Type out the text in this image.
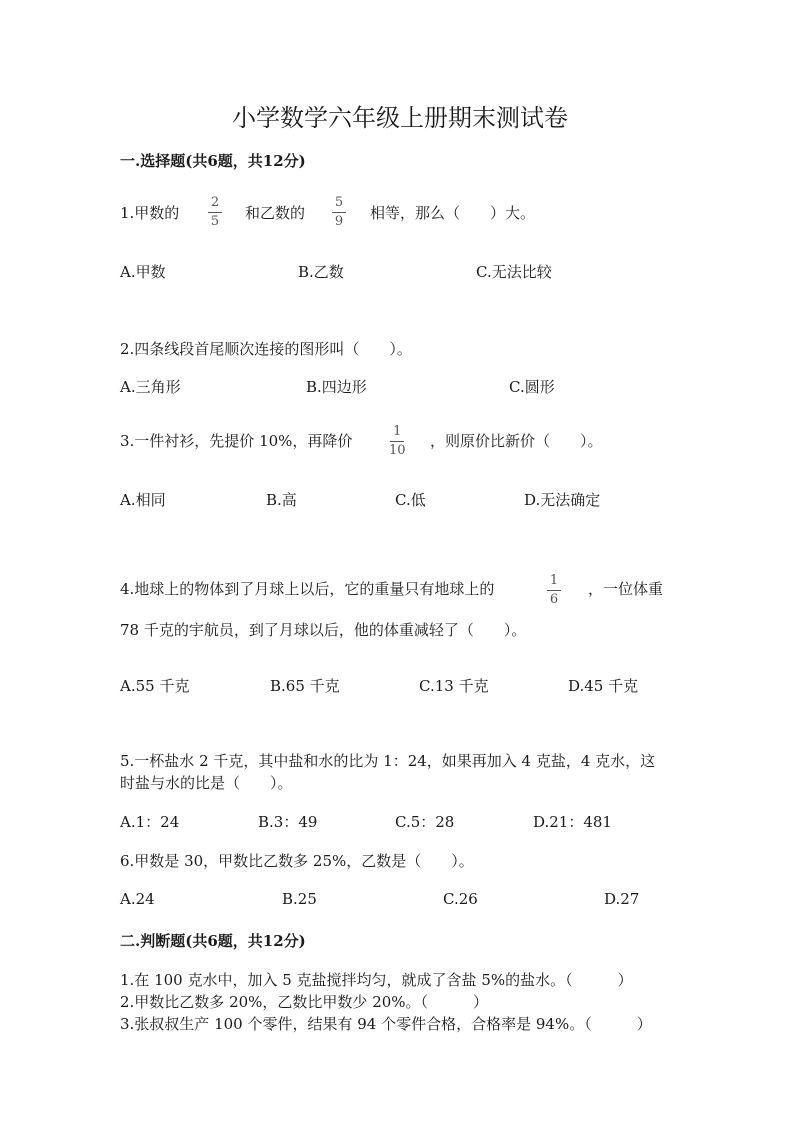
小学数学六年级上册期末测试卷
一.选择题(共6题，共12分)
1.甲数的
2
5 和乙数的
5
9 相等，那么（　　）大。
A.甲数	B.乙数	C.无法比较
2.四条线段首尾顺次连接的图形叫（　　）。
A.三角形	B.四边形	C.圆形
3.一件衬衫，先提价 10%，再降价
1
10
，则原价比新价（　　）。
A.相同	B.高	C.低	D.无法确定
4.地球上的物体到了月球上以后，它的重量只有地球上的	1
6
，一位体重
78 千克的宇航员，到了月球以后，他的体重减轻了（　　）。
A.55 千克	B.65 千克	C.13 千克	D.45 千克
5.一杯盐水 2 千克，其中盐和水的比为 1：24，如果再加入 4 克盐，4 克水，这
时盐与水的比是（　　）。
A.1：24	B.3：49	C.5：28	D.21：481
6.甲数是 30，甲数比乙数多 25%，乙数是（　　）。
A.24	B.25	C.26	D.27
二.判断题(共6题，共12分)
1.在 100 克水中，加入 5 克盐搅拌均匀，就成了含盐 5%的盐水。（　　　）
2.甲数比乙数多 20%，乙数比甲数少 20%。（　　　）
3.张叔叔生产 100 个零件，结果有 94 个零件合格，合格率是 94%。（　　　）
